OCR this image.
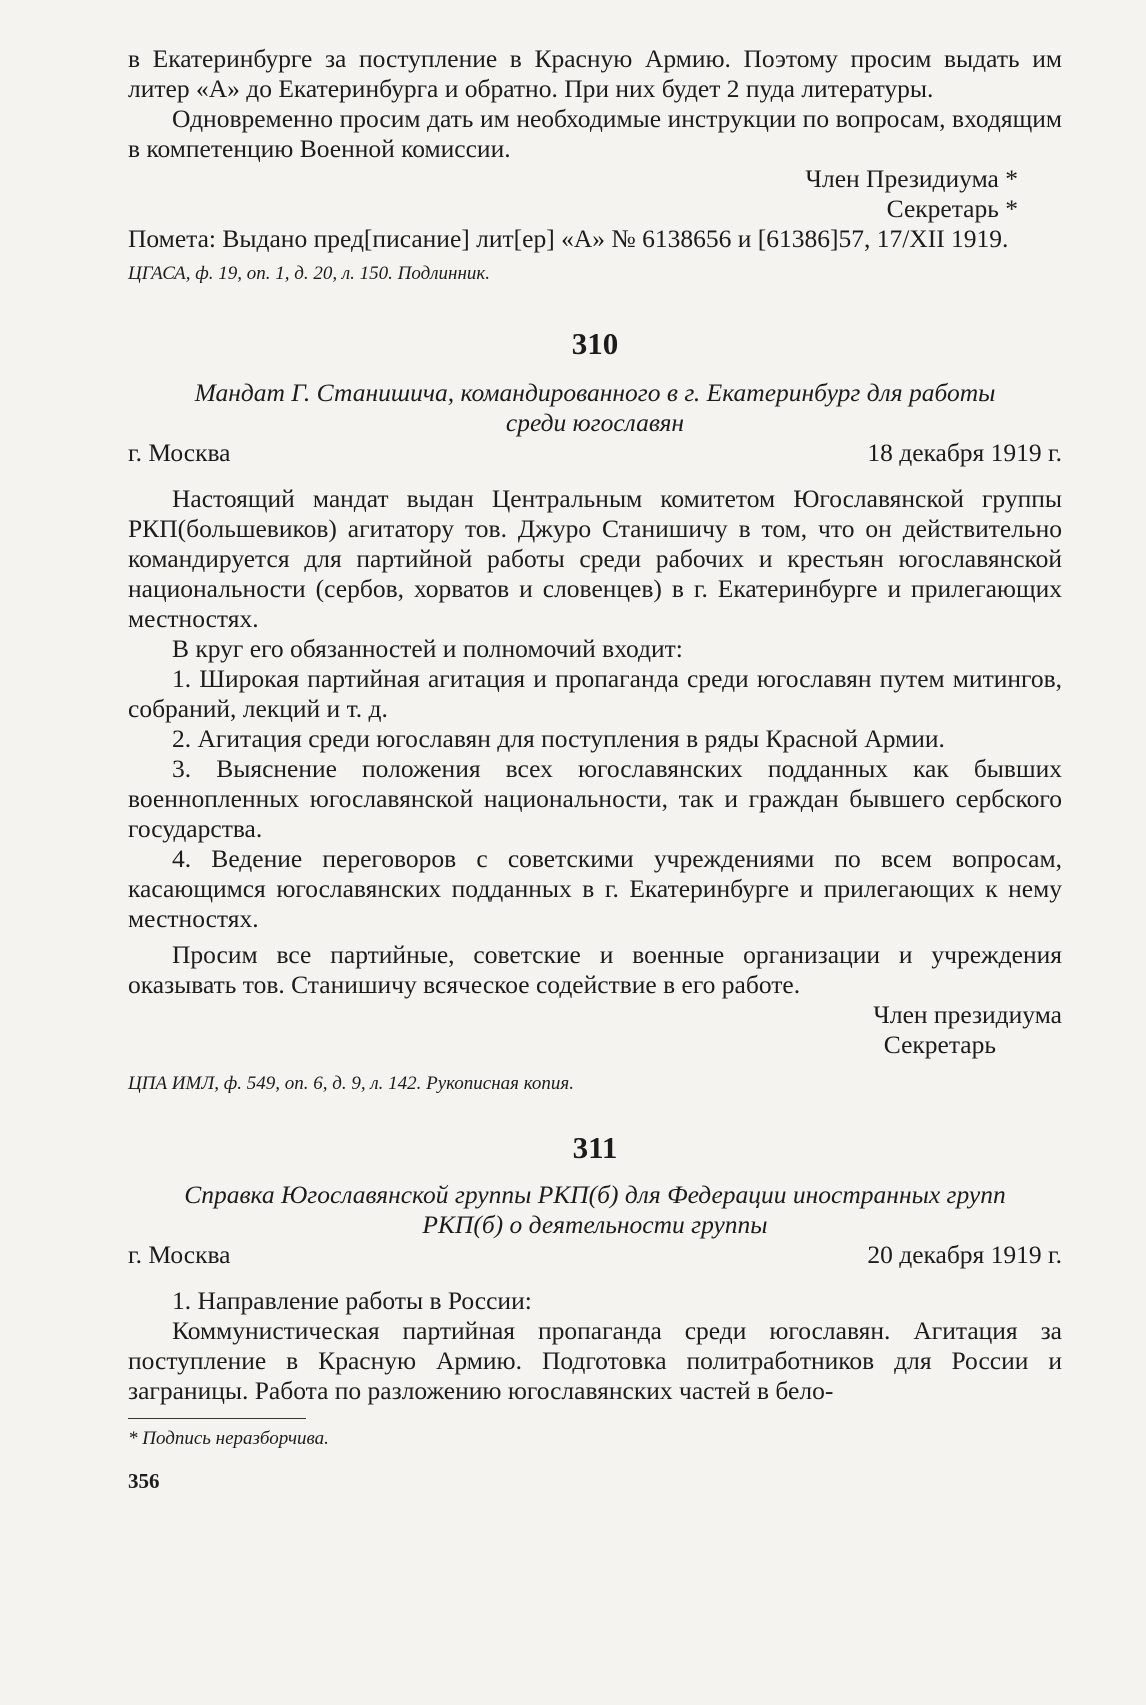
в Екатеринбурге за поступление в Красную Армию. Поэтому просим выдать им литер «А» до Екатеринбурга и обратно. При них будет 2 пуда литературы.

Одновременно просим дать им необходимые инструкции по вопросам, входящим в компетенцию Военной комиссии.

Член Президиума *

Секретарь *

Помета: Выдано пред[писание] лит[ер] «А» № 6138656 и [61386]57, 17/XII 1919.

ЦГАСА, ф. 19, оп. 1, д. 20, л. 150. Подлинник.

310

Мандат Г. Станишича, командированного в г. Екатеринбург для работы среди югославян

г. Москва	18 декабря 1919 г.

Настоящий мандат выдан Центральным комитетом Югославянской группы РКП(большевиков) агитатору тов. Джуро Станишичу в том, что он действительно командируется для партийной работы среди рабочих и крестьян югославянской национальности (сербов, хорватов и словенцев) в г. Екатеринбурге и прилегающих местностях.

В круг его обязанностей и полномочий входит:

1. Широкая партийная агитация и пропаганда среди югославян путем митингов, собраний, лекций и т. д.

2. Агитация среди югославян для поступления в ряды Красной Армии.

3. Выяснение положения всех югославянских подданных как бывших военнопленных югославянской национальности, так и граждан бывшего сербского государства.

4. Ведение переговоров с советскими учреждениями по всем вопросам, касающимся югославянских подданных в г. Екатеринбурге и прилегающих к нему местностях.

Просим все партийные, советские и военные организации и учреждения оказывать тов. Станишичу всяческое содействие в его работе.

Член президиума

Секретарь

ЦПА ИМЛ, ф. 549, оп. 6, д. 9, л. 142. Рукописная копия.

311

Справка Югославянской группы РКП(б) для Федерации иностранных групп РКП(б) о деятельности группы

г. Москва	20 декабря 1919 г.

1. Направление работы в России:

Коммунистическая партийная пропаганда среди югославян. Агитация за поступление в Красную Армию. Подготовка политработников для России и заграницы. Работа по разложению югославянских частей в бело-

* Подпись неразборчива.

356
